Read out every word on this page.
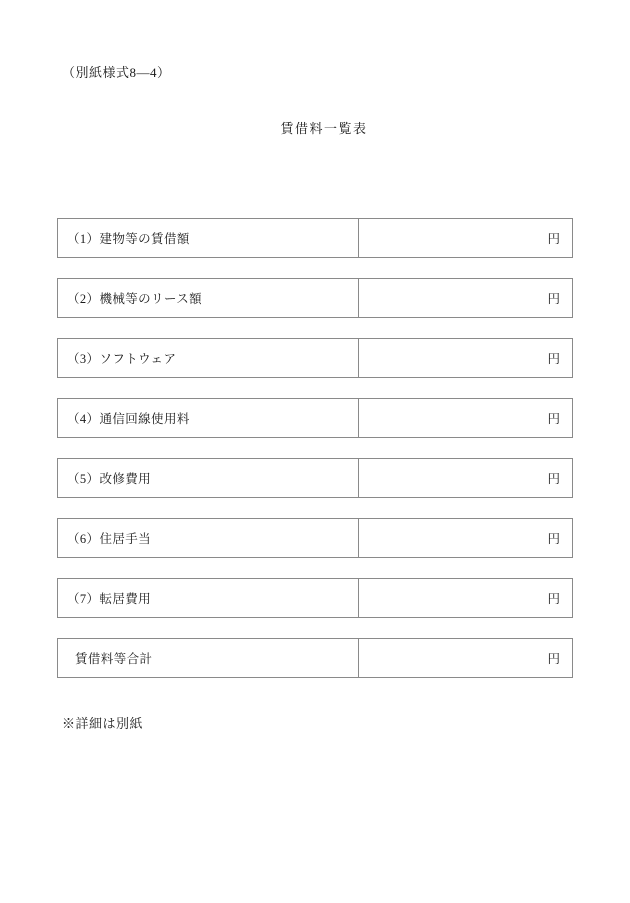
（別紙様式8―4）
賃借料一覧表
（1）建物等の賃借額	円
（2）機械等のリース額	円
（3）ソフトウェア	円
（4）通信回線使用料	円
（5）改修費用	円
（6）住居手当	円
（7）転居費用	円
賃借料等合計	円
※詳細は別紙
